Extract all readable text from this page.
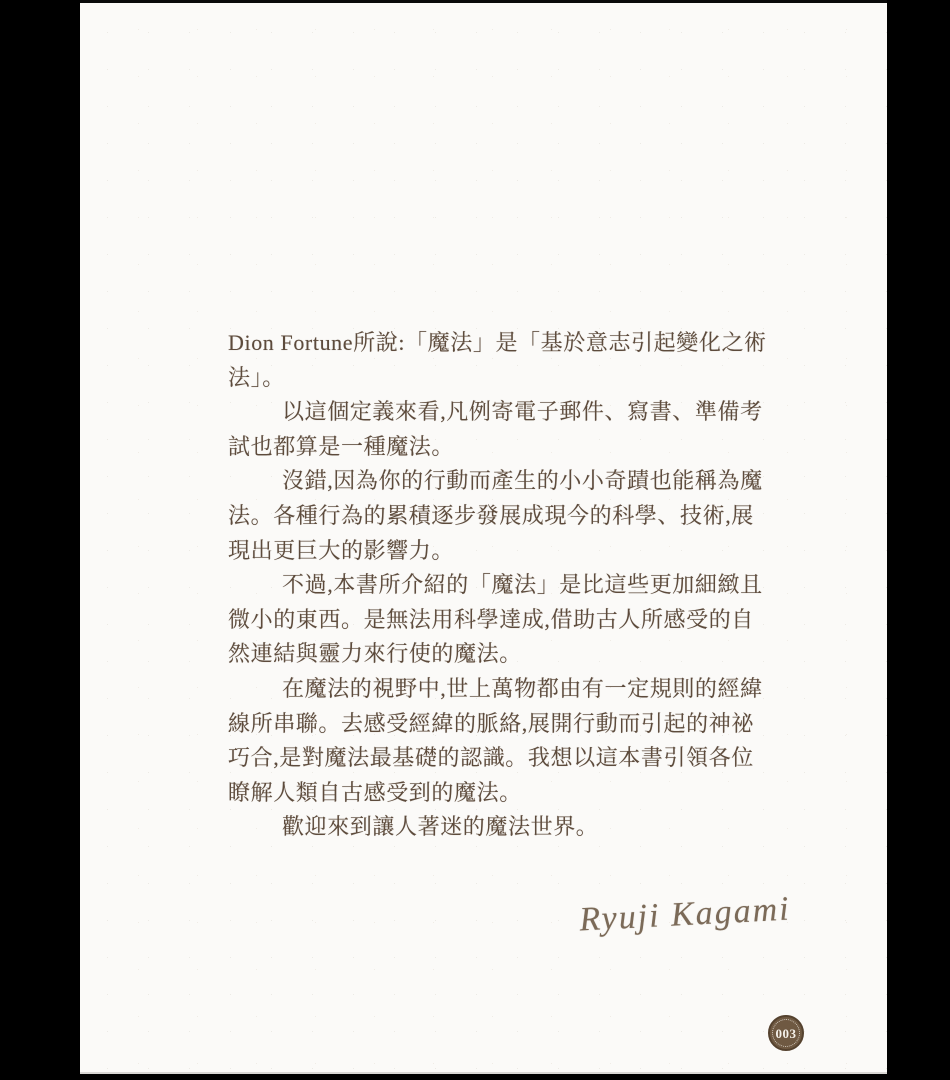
Dion Fortune所說:「魔法」是「基於意志引起變化之術
法」。
以這個定義來看,凡例寄電子郵件、寫書、準備考
試也都算是一種魔法。
沒錯,因為你的行動而產生的小小奇蹟也能稱為魔
法。各種行為的累積逐步發展成現今的科學、技術,展
現出更巨大的影響力。
不過,本書所介紹的「魔法」是比這些更加細緻且
微小的東西。是無法用科學達成,借助古人所感受的自
然連結與靈力來行使的魔法。
在魔法的視野中,世上萬物都由有一定規則的經緯
線所串聯。去感受經緯的脈絡,展開行動而引起的神祕
巧合,是對魔法最基礎的認識。我想以這本書引領各位
瞭解人類自古感受到的魔法。
歡迎來到讓人著迷的魔法世界。
Ryuji Kagami
003
